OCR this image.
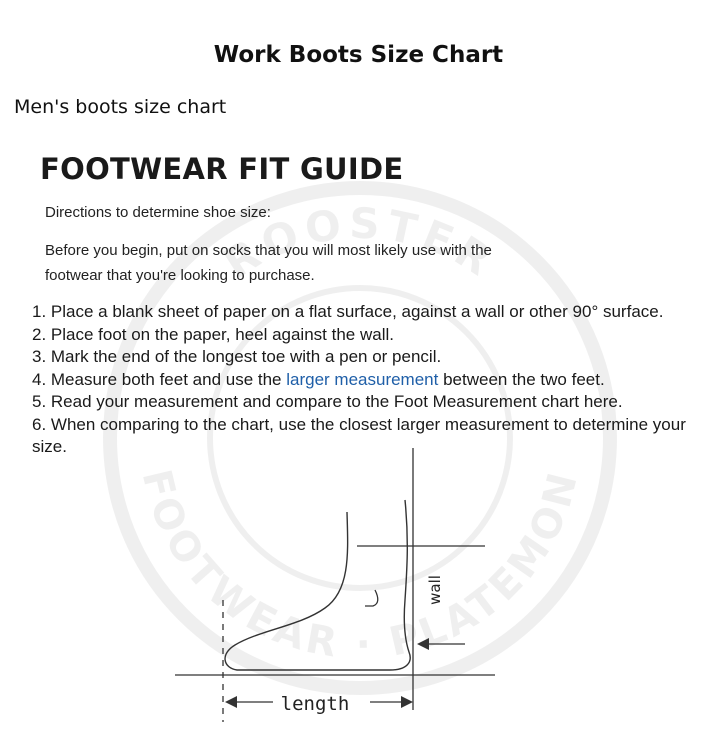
Work Boots Size Chart
Men's boots size chart
ROOSTER
FOOTWEAR · PLATEMON
FOOTWEAR FIT GUIDE
Directions to determine shoe size:
Before you begin, put on socks that you will most likely use with the
footwear that you're looking to purchase.
1. Place a blank sheet of paper on a flat surface, against a wall or other 90° surface.
2. Place foot on the paper, heel against the wall.
3. Mark the end of the longest toe with a pen or pencil.
4. Measure both feet and use the larger measurement between the two feet.
5. Read your measurement and compare to the Foot Measurement chart here.
6. When comparing to the chart, use the closest larger measurement to determine your size.
length
wall
